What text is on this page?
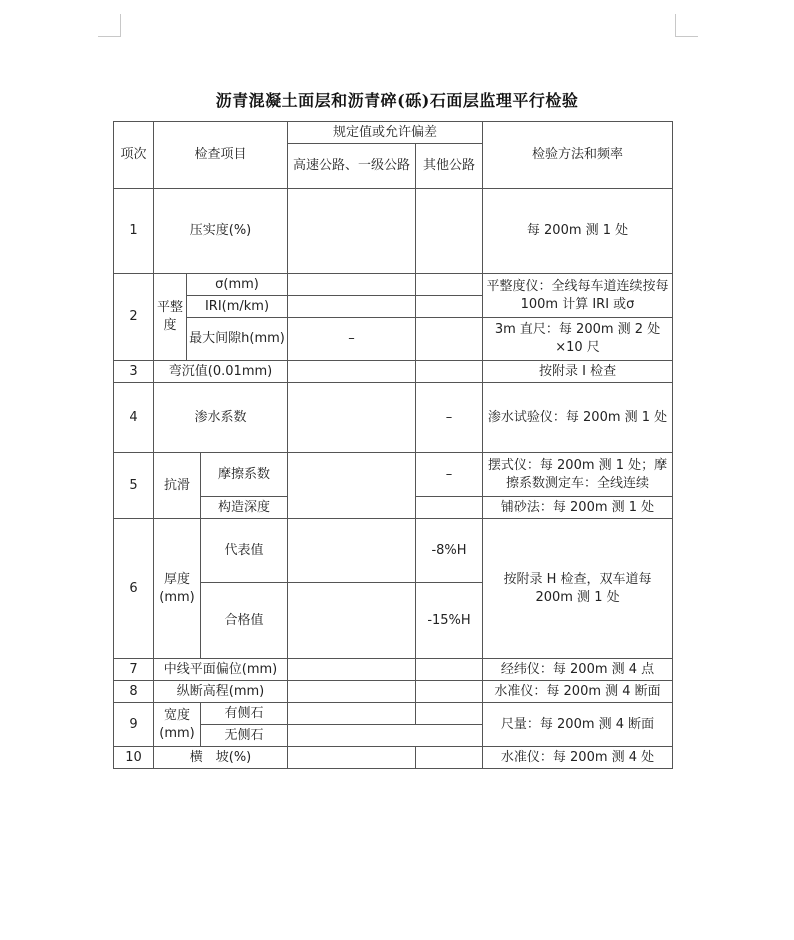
沥青混凝土面层和沥青碎(砾)石面层监理平行检验
项次	检查项目			规定值或允许偏差		检验方法和频率
				高速公路、一级公路	其他公路	
1	压实度(%)					每 200m 测 1 处
2	平整度	σ(mm)				平整度仪：全线每车道连续按每 100m 计算 IRI 或σ
		IRI(m/km)				
		最大间隙h(mm)		–		3m 直尺：每 200m 测 2 处×10 尺
3	弯沉值(0.01mm)					按附录 I 检查
4	渗水系数				–	渗水试验仪：每 200m 测 1 处
5	抗滑		摩擦系数		–	摆式仪：每 200m 测 1 处；摩擦系数测定车：全线连续
			构造深度			铺砂法：每 200m 测 1 处
6	厚度(mm)		代表值		-8%H	按附录 H 检查，双车道每 200m 测 1 处
			合格值		-15%H	
7	中线平面偏位(mm)					经纬仪：每 200m 测 4 点
8	纵断高程(mm)					水准仪：每 200m 测 4 断面
9	宽度(mm)		有侧石			尺量：每 200m 测 4 断面
			无侧石			
10	横　坡(%)					水准仪：每 200m 测 4 处
